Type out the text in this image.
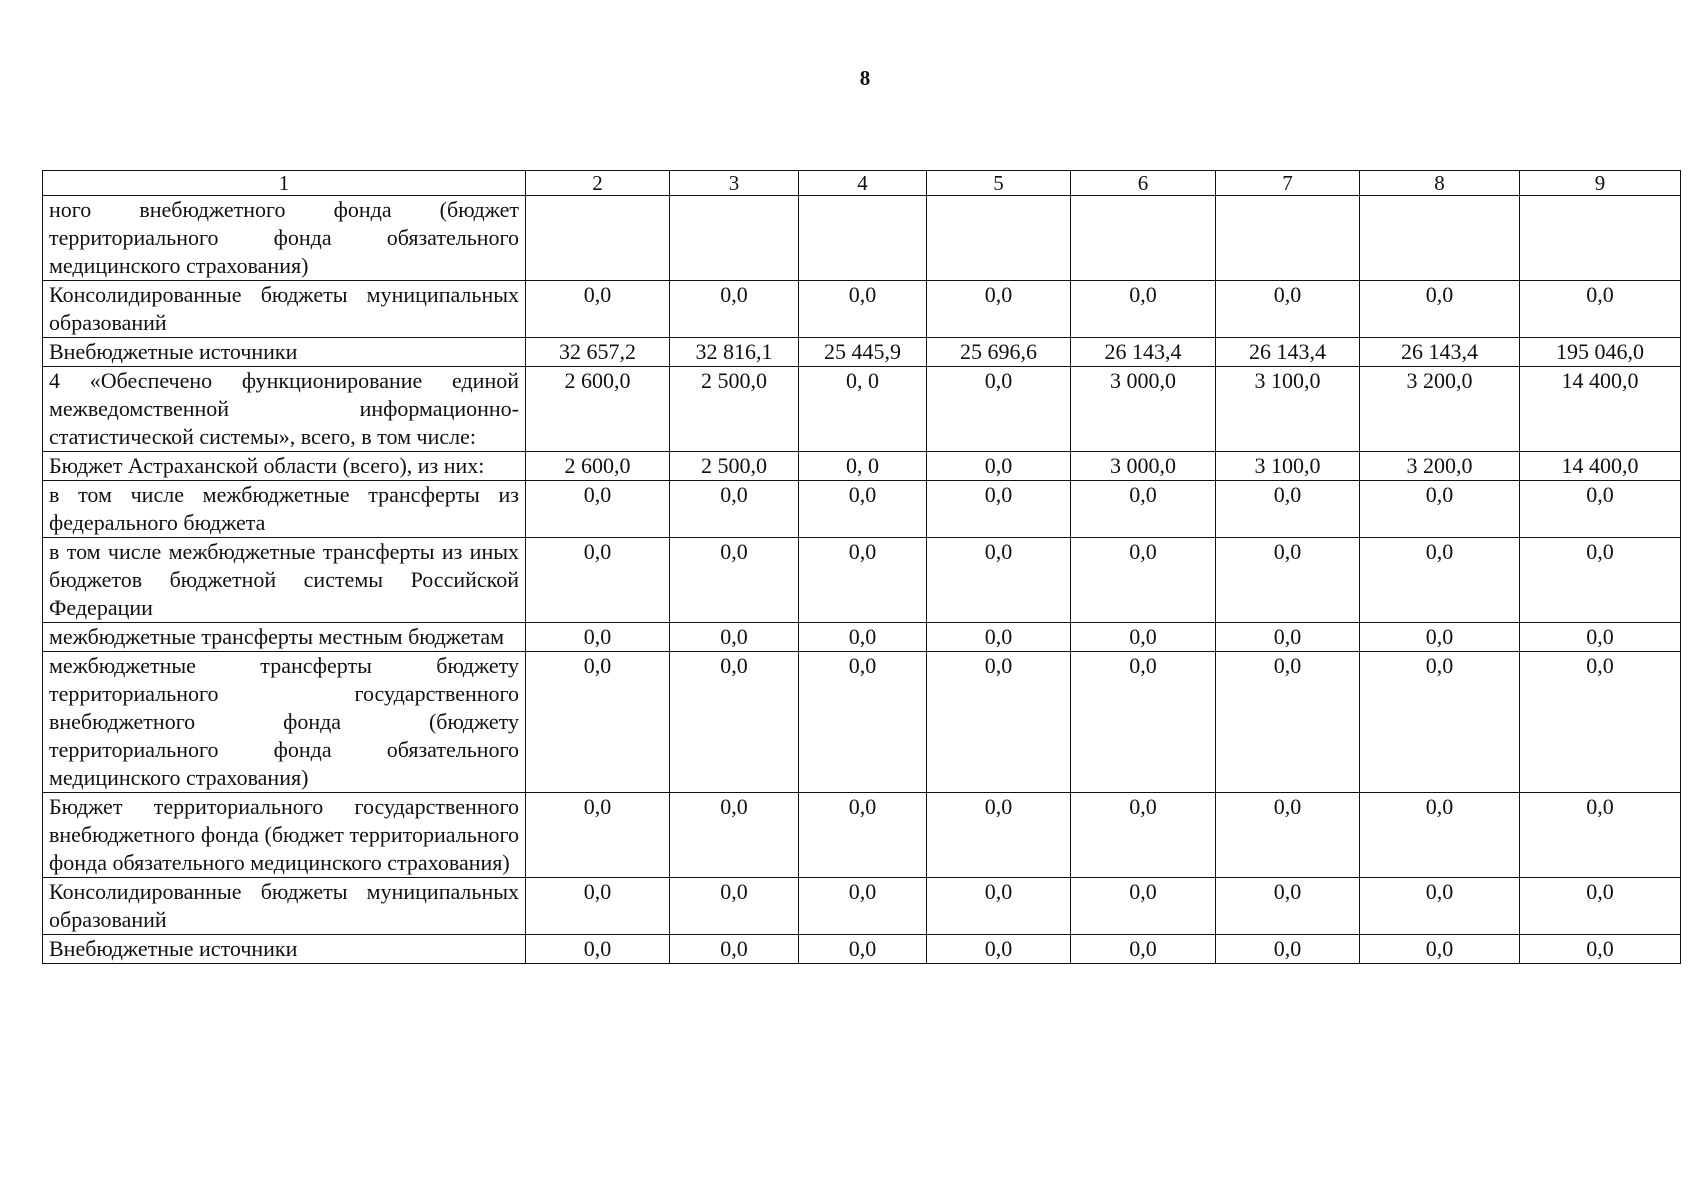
8
1	2	3	4	5	6	7	8	9
ного внебюджетного фонда (бюджет территориального фонда обязательного медицинского страхования)								
Консолидированные бюджеты муниципальных образований	0,0	0,0	0,0	0,0	0,0	0,0	0,0	0,0
Внебюджетные источники	32 657,2	32 816,1	25 445,9	25 696,6	26 143,4	26 143,4	26 143,4	195 046,0
4 «Обеспечено функционирование единой межведомственной информационно-статистической системы», всего, в том числе:	2 600,0	2 500,0	0, 0	0,0	3 000,0	3 100,0	3 200,0	14 400,0
Бюджет Астраханской области (всего), из них:	2 600,0	2 500,0	0, 0	0,0	3 000,0	3 100,0	3 200,0	14 400,0
в том числе межбюджетные трансферты из федерального бюджета	0,0	0,0	0,0	0,0	0,0	0,0	0,0	0,0
в том числе межбюджетные трансферты из иных бюджетов бюджетной системы Российской Федерации	0,0	0,0	0,0	0,0	0,0	0,0	0,0	0,0
межбюджетные трансферты местным бюджетам	0,0	0,0	0,0	0,0	0,0	0,0	0,0	0,0
межбюджетные трансферты бюджету территориального государственного внебюджетного фонда (бюджету территориального фонда обязательного медицинского страхования)	0,0	0,0	0,0	0,0	0,0	0,0	0,0	0,0
Бюджет территориального государственного внебюджетного фонда (бюджет территориального фонда обязательного медицинского страхования)	0,0	0,0	0,0	0,0	0,0	0,0	0,0	0,0
Консолидированные бюджеты муниципальных образований	0,0	0,0	0,0	0,0	0,0	0,0	0,0	0,0
Внебюджетные источники	0,0	0,0	0,0	0,0	0,0	0,0	0,0	0,0
